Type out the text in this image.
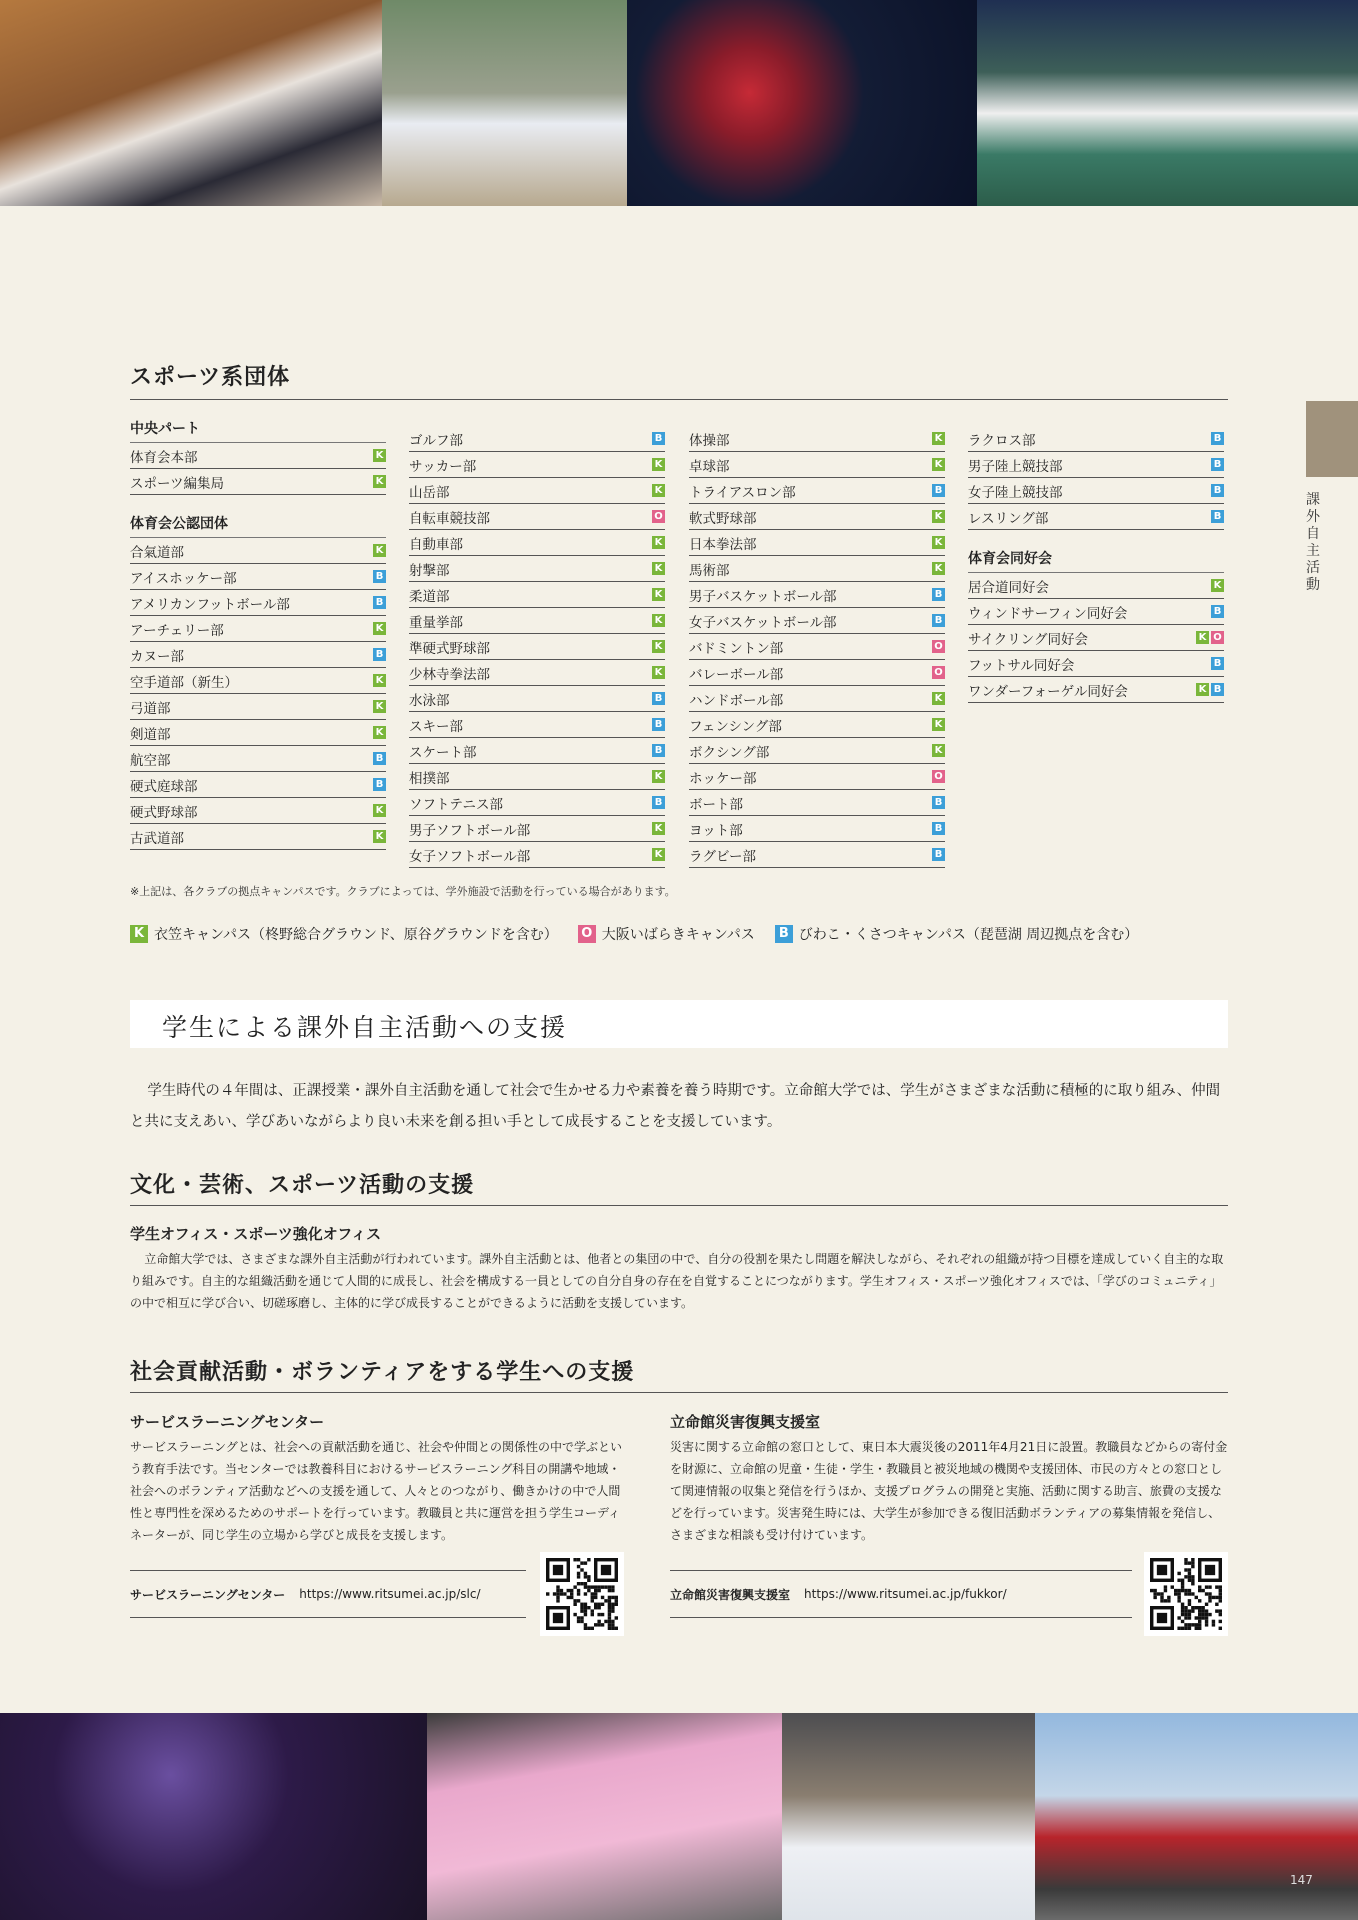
スポーツ系団体
中央パート
体育会本部	K
スポーツ編集局	K
体育会公認団体
合氣道部	K
アイスホッケー部	B
アメリカンフットボール部	B
アーチェリー部	K
カヌー部	B
空手道部（新生）	K
弓道部	K
剣道部	K
航空部	B
硬式庭球部	B
硬式野球部	K
古武道部	K
ゴルフ部	B
サッカー部	K
山岳部	K
自転車競技部	O
自動車部	K
射撃部	K
柔道部	K
重量挙部	K
準硬式野球部	K
少林寺拳法部	K
水泳部	B
スキー部	B
スケート部	B
相撲部	K
ソフトテニス部	B
男子ソフトボール部	K
女子ソフトボール部	K
体操部	K
卓球部	K
トライアスロン部	B
軟式野球部	K
日本拳法部	K
馬術部	K
男子バスケットボール部	B
女子バスケットボール部	B
バドミントン部	O
バレーボール部	O
ハンドボール部	K
フェンシング部	K
ボクシング部	K
ホッケー部	O
ボート部	B
ヨット部	B
ラグビー部	B
ラクロス部	B
男子陸上競技部	B
女子陸上競技部	B
レスリング部	B
体育会同好会
居合道同好会	K
ウィンドサーフィン同好会	B
サイクリング同好会	K O
フットサル同好会	B
ワンダーフォーゲル同好会	K B
※上記は、各クラブの拠点キャンパスです。クラブによっては、学外施設で活動を行っている場合があります。
K 衣笠キャンパス（柊野総合グラウンド、原谷グラウンドを含む） O 大阪いばらきキャンパス	B びわこ・くさつキャンパス（琵琶湖 周辺拠点を含む）
学生による課外自主活動への支援
学生時代の４年間は、正課授業・課外自主活動を通して社会で生かせる力や素養を養う時期です。立命館大学では、学生がさまざまな活動に積極的に取り組み、仲間と共に支えあい、学びあいながらより良い未来を創る担い手として成長することを支援しています。
文化・芸術、スポーツ活動の支援
学生オフィス・スポーツ強化オフィス
立命館大学では、さまざまな課外自主活動が行われています。課外自主活動とは、他者との集団の中で、自分の役割を果たし問題を解決しながら、それぞれの組織が持つ目標を達成していく自主的な取り組みです。自主的な組織活動を通じて人間的に成長し、社会を構成する一員としての自分自身の存在を自覚することにつながります。学生オフィス・スポーツ強化オフィスでは、「学びのコミュニティ」の中で相互に学び合い、切磋琢磨し、主体的に学び成長することができるように活動を支援しています。
社会貢献活動・ボランティアをする学生への支援
サービスラーニングセンター
サービスラーニングとは、社会への貢献活動を通じ、社会や仲間との関係性の中で学ぶという教育手法です。当センターでは教養科目におけるサービスラーニング科目の開講や地域・社会へのボランティア活動などへの支援を通して、人々とのつながり、働きかけの中で人間性と専門性を深めるためのサポートを行っています。教職員と共に運営を担う学生コーディネーターが、同じ学生の立場から学びと成長を支援します。
サービスラーニングセンター https://www.ritsumei.ac.jp/slc/
立命館災害復興支援室
災害に関する立命館の窓口として、東日本大震災後の2011年4月21日に設置。教職員などからの寄付金を財源に、立命館の児童・生徒・学生・教職員と被災地域の機関や支援団体、市民の方々との窓口として関連情報の収集と発信を行うほか、支援プログラムの開発と実施、活動に関する助言、旅費の支援などを行っています。災害発生時には、大学生が参加できる復旧活動ボランティアの募集情報を発信し、さまざまな相談も受け付けています。
立命館災害復興支援室 https://www.ritsumei.ac.jp/fukkor/
課外自主活動
147
